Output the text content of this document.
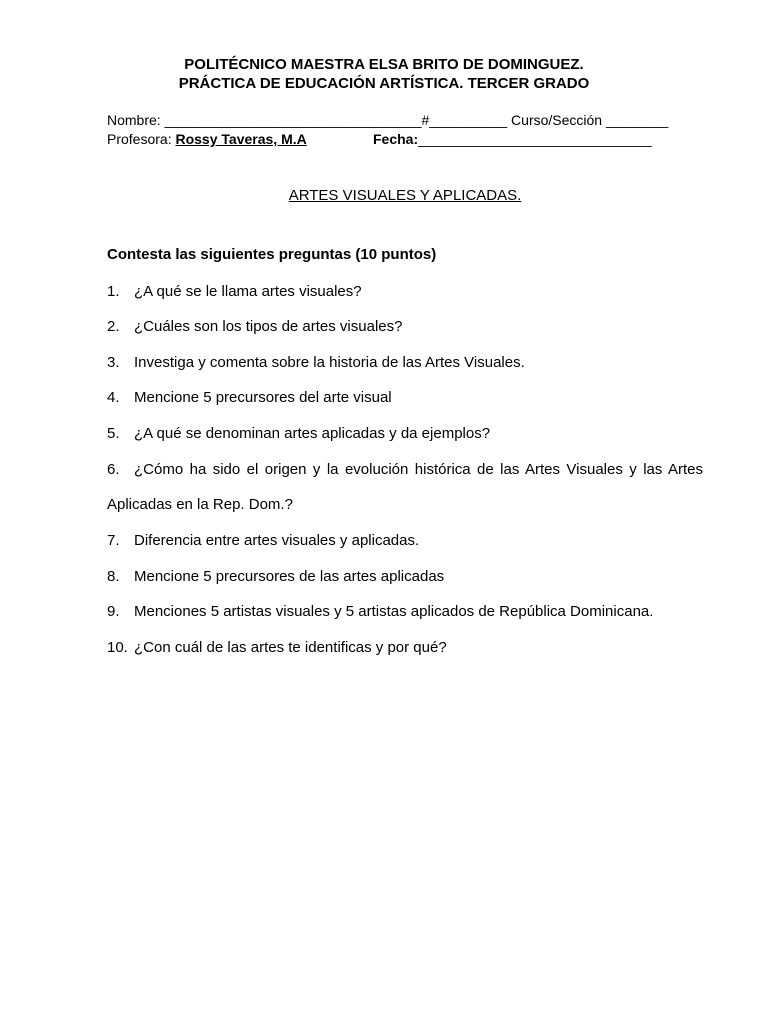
POLITÉCNICO MAESTRA ELSA BRITO DE DOMINGUEZ.

PRÁCTICA DE EDUCACIÓN ARTÍSTICA. TERCER GRADO

Nombre: _________________________________#__________ Curso/Sección ________
Profesora: Rossy Taveras, M.A	Fecha:______________________________
ARTES VISUALES Y APLICADAS.
Contesta las siguientes preguntas (10 puntos)
1. ¿A qué se le llama artes visuales?
2. ¿Cuáles son los tipos de artes visuales?
3. Investiga y comenta sobre la historia de las Artes Visuales.
4. Mencione 5 precursores del arte visual
5. ¿A qué se denominan artes aplicadas y da ejemplos?
6. ¿Cómo ha sido el origen y la evolución histórica de las Artes Visuales y las Artes
Aplicadas en la Rep. Dom.?
7. Diferencia entre artes visuales y aplicadas.
8. Mencione 5 precursores de las artes aplicadas
9. Menciones 5 artistas visuales y 5 artistas aplicados de República Dominicana.
10. ¿Con cuál de las artes te identificas y por qué?
